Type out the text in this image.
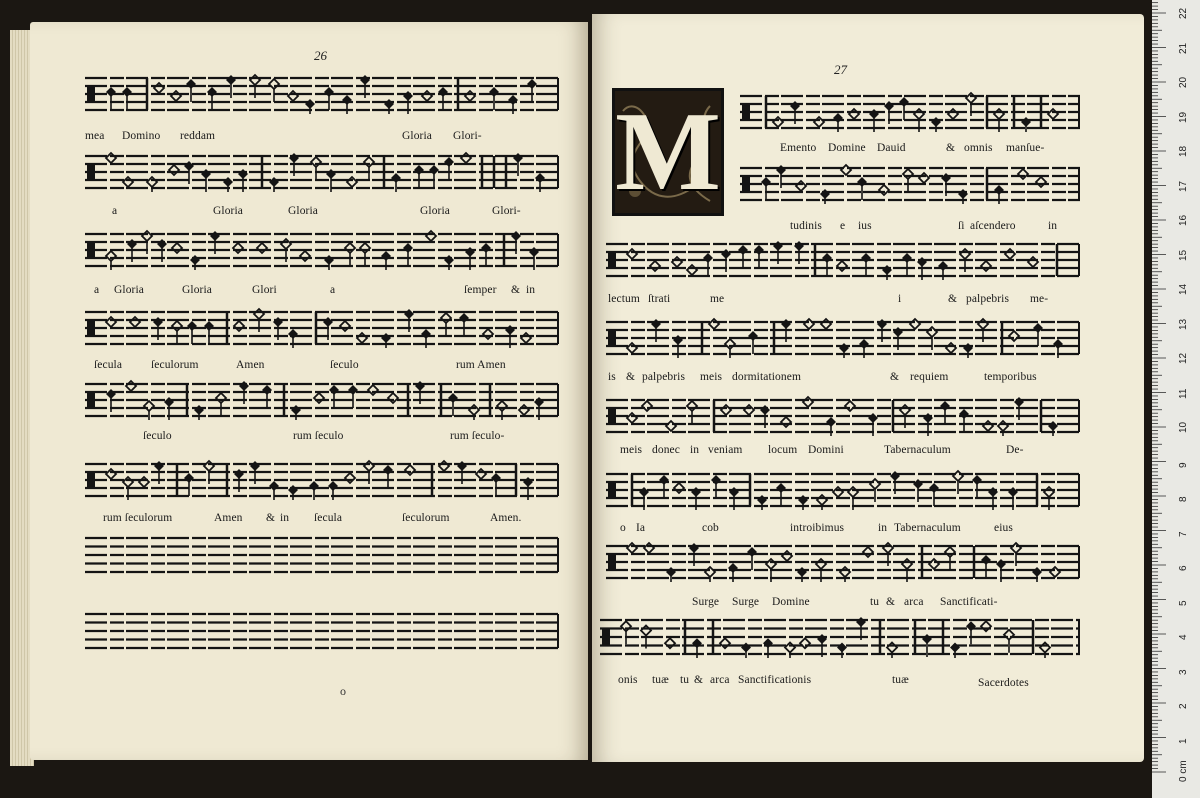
26
mea Domino reddam	Gloria Glori-
a	Gloria	Gloria	Gloria	Glori-
a Gloria	Gloria	Glori	a	ſemper & in
ſecula	ſeculorum	Amen	ſeculo	rum Amen
ſeculo	rum ſeculo	rum ſeculo-
rum ſeculorum	Amen & in ſecula	ſeculorum	Amen.
o
27
M	Emento Domine Dauid	& omnis manſue-
tudinis e ius	ſi aſcendero	in
lectum ſtrati	me	i	& palpebris me-
is & palpebris meis dormitationem	& requiem	temporibus
meis donec in veniam locum Domini	Tabernaculum	De-
o Ia	cob	introibimus	in Tabernaculum	eius
Surge Surge Domine	tu & arca Sanctificati-
onis tuæ tu & arca Sanctificationis	tuæ	Sacerdotes
0 cm
1
2
3
4
5
6
7
8
9
10
11
12
13
14
15
16
17
18
19
20
21
22
